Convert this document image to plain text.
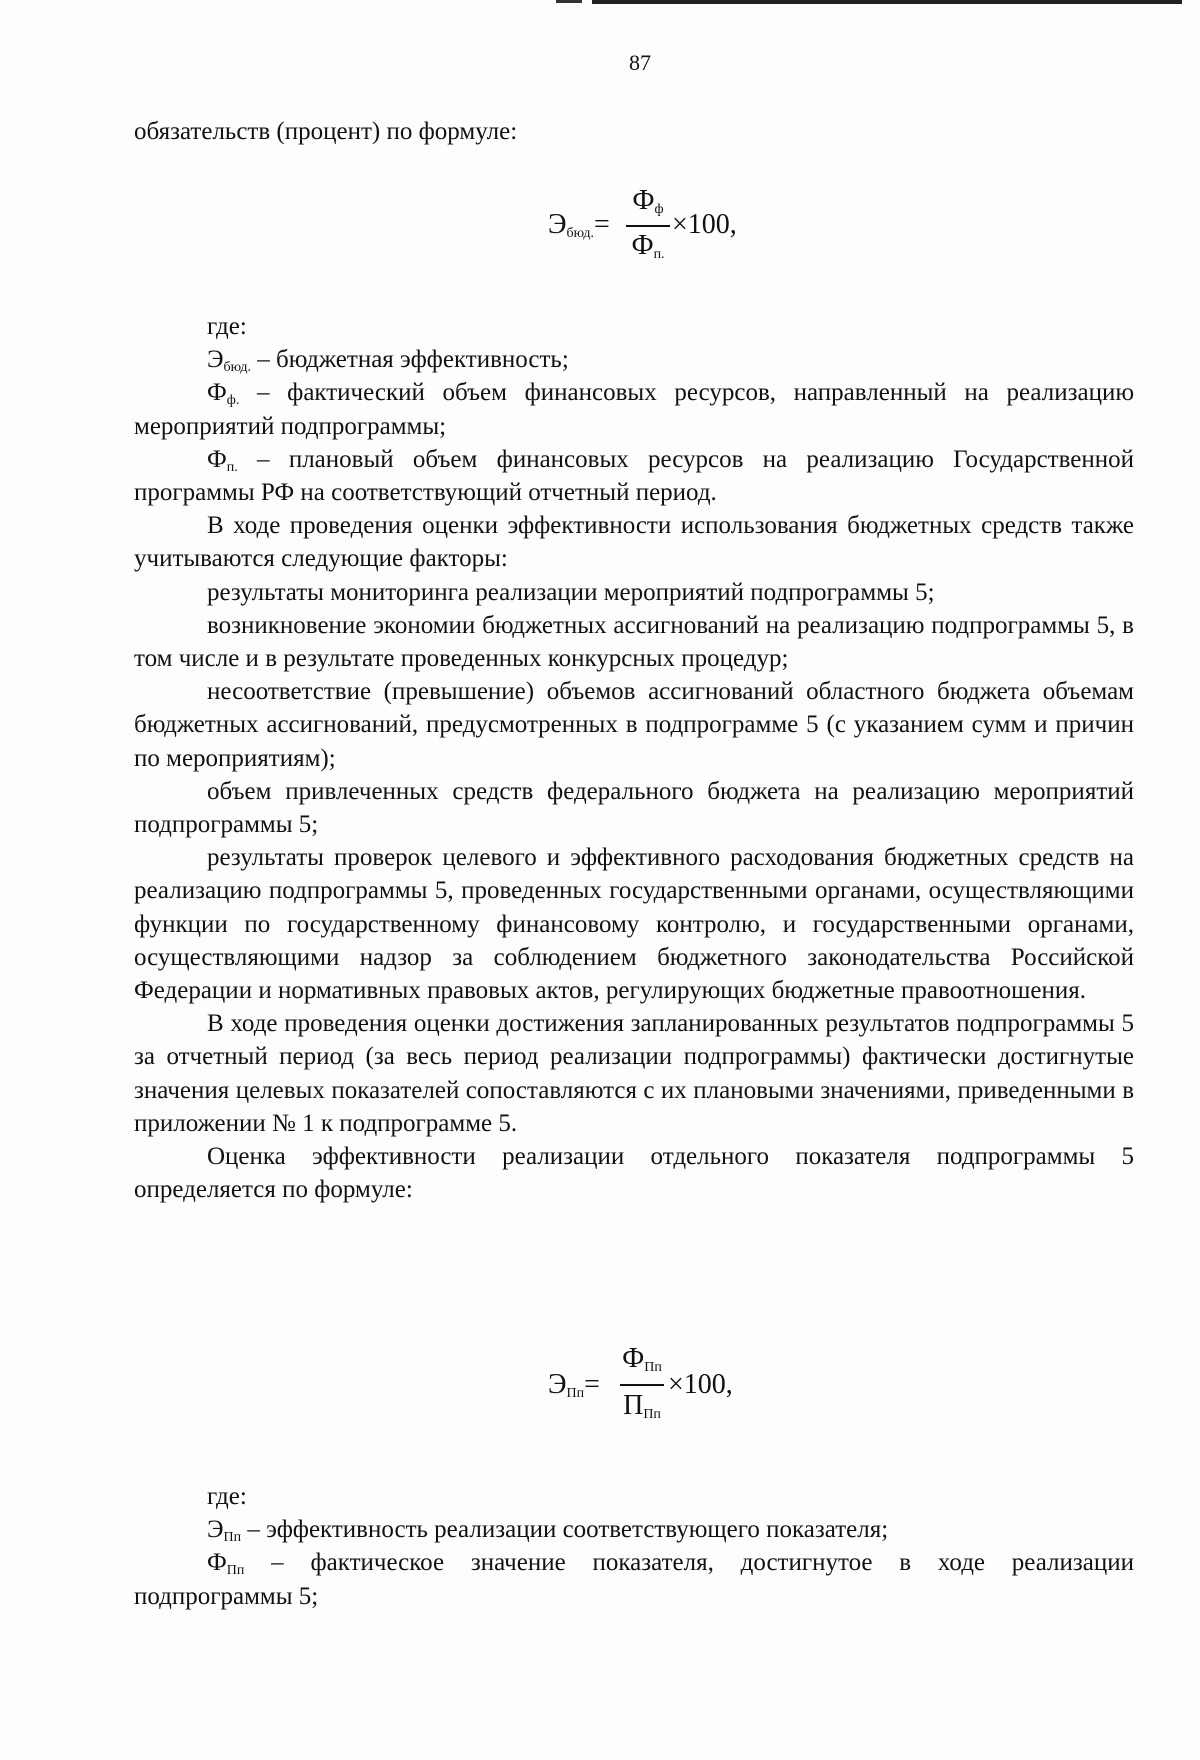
87

обязательств (процент) по формуле:

$Э_{бюд.}=$
$Ф_ф$
$Ф_{п.}$
×100,

где:

$Э_{бюд.}$ – бюджетная эффективность;

$Ф_{ф.}$ – фактический объем финансовых ресурсов, направленный на реализацию мероприятий подпрограммы;

$Ф_{п.}$ – плановый объем финансовых ресурсов на реализацию Государственной программы РФ на соответствующий отчетный период.

В ходе проведения оценки эффективности использования бюджетных средств также учитываются следующие факторы:

результаты мониторинга реализации мероприятий подпрограммы 5;

возникновение экономии бюджетных ассигнований на реализацию подпрограммы 5, в том числе и в результате проведенных конкурсных процедур;

несоответствие (превышение) объемов ассигнований областного бюджета объемам бюджетных ассигнований, предусмотренных в подпрограмме 5 (с указанием сумм и причин по мероприятиям);

объем привлеченных средств федерального бюджета на реализацию мероприятий подпрограммы 5;

результаты проверок целевого и эффективного расходования бюджетных средств на реализацию подпрограммы 5, проведенных государственными органами, осуществляющими функции по государственному финансовому контролю, и государственными органами, осуществляющими надзор за соблюдением бюджетного законодательства Российской Федерации и нормативных правовых актов, регулирующих бюджетные правоотношения.

В ходе проведения оценки достижения запланированных результатов подпрограммы 5 за отчетный период (за весь период реализации подпрограммы) фактически достигнутые значения целевых показателей сопоставляются с их плановыми значениями, приведенными в приложении № 1 к подпрограмме 5.

Оценка эффективности реализации отдельного показателя подпрограммы 5 определяется по формуле:

$Э_{Пп}=$
$Ф_{Пп}$
$П_{Пп}$
×100,

где:

$Э_{Пп}$ – эффективность реализации соответствующего показателя;

$Ф_{Пп}$ – фактическое значение показателя, достигнутое в ходе реализации подпрограммы 5;
